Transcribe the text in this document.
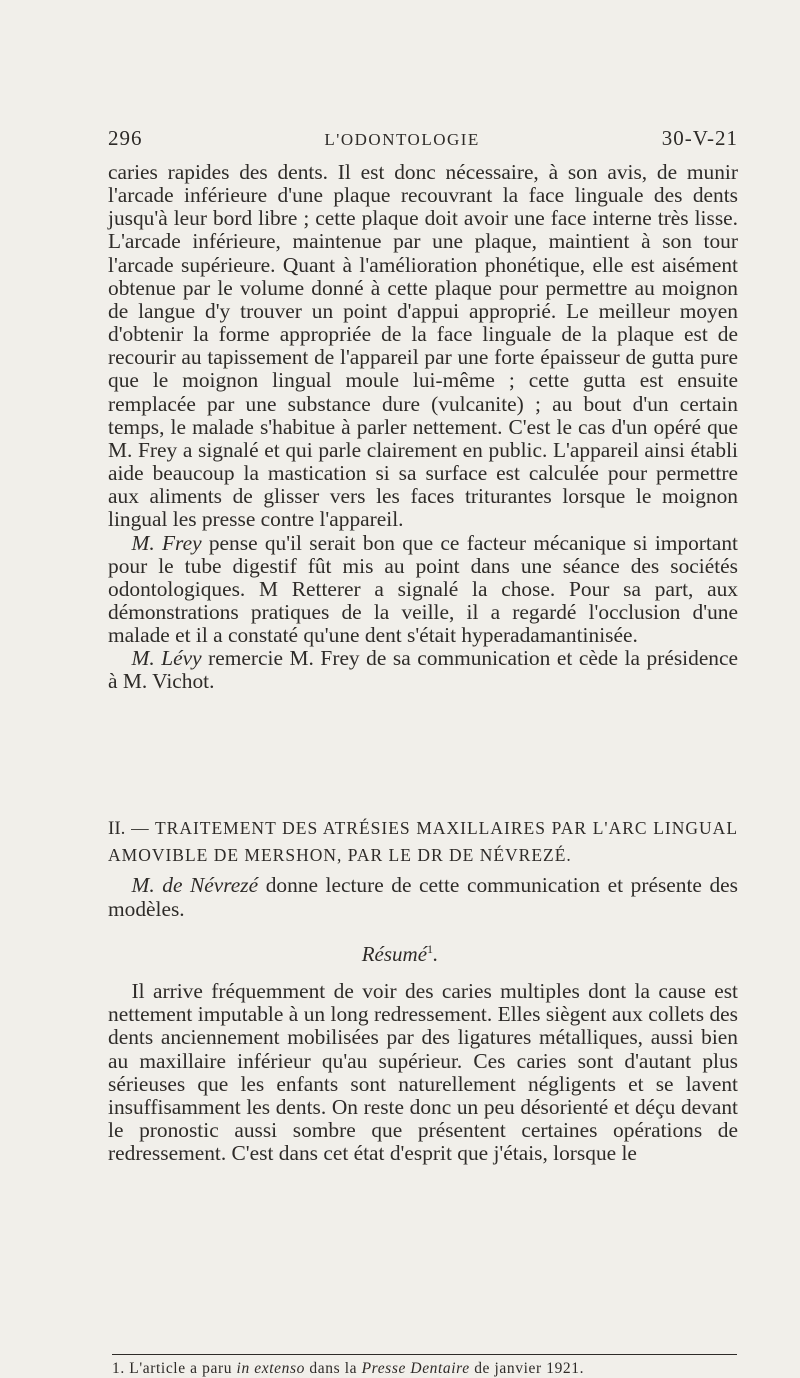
296	L'ODONTOLOGIE	30-V-21

caries rapides des dents. Il est donc nécessaire, à son avis, de munir l'arcade inférieure d'une plaque recouvrant la face linguale des dents jusqu'à leur bord libre ; cette plaque doit avoir une face interne très lisse. L'arcade inférieure, maintenue par une plaque, maintient à son tour l'arcade supérieure. Quant à l'amélioration phonétique, elle est aisément obtenue par le volume donné à cette plaque pour permettre au moignon de langue d'y trouver un point d'appui approprié. Le meilleur moyen d'obtenir la forme appropriée de la face linguale de la plaque est de recourir au tapissement de l'appareil par une forte épaisseur de gutta pure que le moignon lingual moule lui-même ; cette gutta est ensuite remplacée par une substance dure (vulcanite) ; au bout d'un certain temps, le malade s'habitue à parler nettement. C'est le cas d'un opéré que M. Frey a signalé et qui parle clairement en public. L'appareil ainsi établi aide beaucoup la mastication si sa surface est calculée pour permettre aux aliments de glisser vers les faces triturantes lorsque le moignon lingual les presse contre l'appareil.

M. Frey pense qu'il serait bon que ce facteur mécanique si important pour le tube digestif fût mis au point dans une séance des sociétés odontologiques. M Retterer a signalé la chose. Pour sa part, aux démonstrations pratiques de la veille, il a regardé l'occlusion d'une malade et il a constaté qu'une dent s'était hyperadamantinisée.

M. Lévy remercie M. Frey de sa communication et cède la présidence à M. Vichot.

II. — TRAITEMENT DES ATRÉSIES MAXILLAIRES PAR L'ARC LINGUAL AMOVIBLE DE MERSHON, PAR LE DR DE NÉVREZÉ.

M. de Névrezé donne lecture de cette communication et présente des modèles.

Résumé$^1$.

Il arrive fréquemment de voir des caries multiples dont la cause est nettement imputable à un long redressement. Elles siègent aux collets des dents anciennement mobilisées par des ligatures métalliques, aussi bien au maxillaire inférieur qu'au supérieur. Ces caries sont d'autant plus sérieuses que les enfants sont naturellement négligents et se lavent insuffisamment les dents. On reste donc un peu désorienté et déçu devant le pronostic aussi sombre que présentent certaines opérations de redressement. C'est dans cet état d'esprit que j'étais, lorsque le

1. L'article a paru in extenso dans la Presse Dentaire de janvier 1921.
